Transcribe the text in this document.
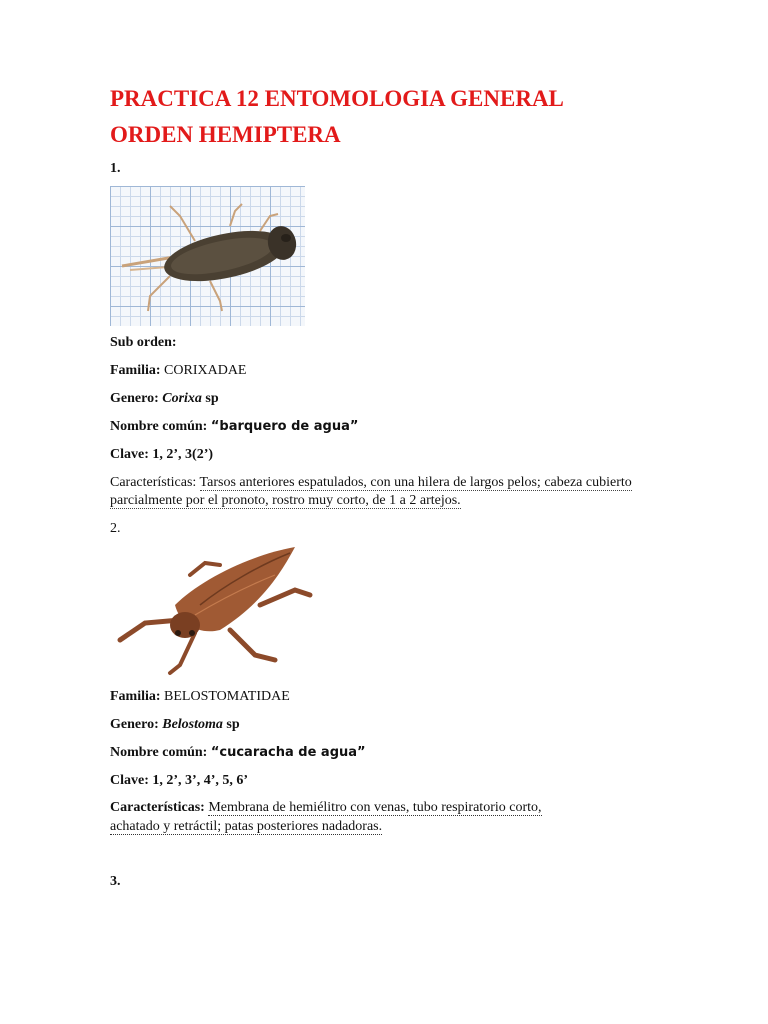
PRACTICA 12 ENTOMOLOGIA GENERAL
ORDEN HEMIPTERA

1.

Sub orden:

Familia: CORIXADAE

Genero: Corixa sp

Nombre común: “barquero de agua”

Clave: 1, 2’, 3(2’)

Características: Tarsos anteriores espatulados, con una hilera de largos pelos; cabeza cubierto parcialmente por el pronoto, rostro muy corto, de 1 a 2 artejos.

2.

Familia: BELOSTOMATIDAE

Genero: Belostoma sp

Nombre común: “cucaracha de agua”

Clave: 1, 2’, 3’, 4’, 5, 6’

Características: Membrana de hemiélitro con venas, tubo respiratorio corto,

achatado y retráctil; patas posteriores nadadoras.

3.
